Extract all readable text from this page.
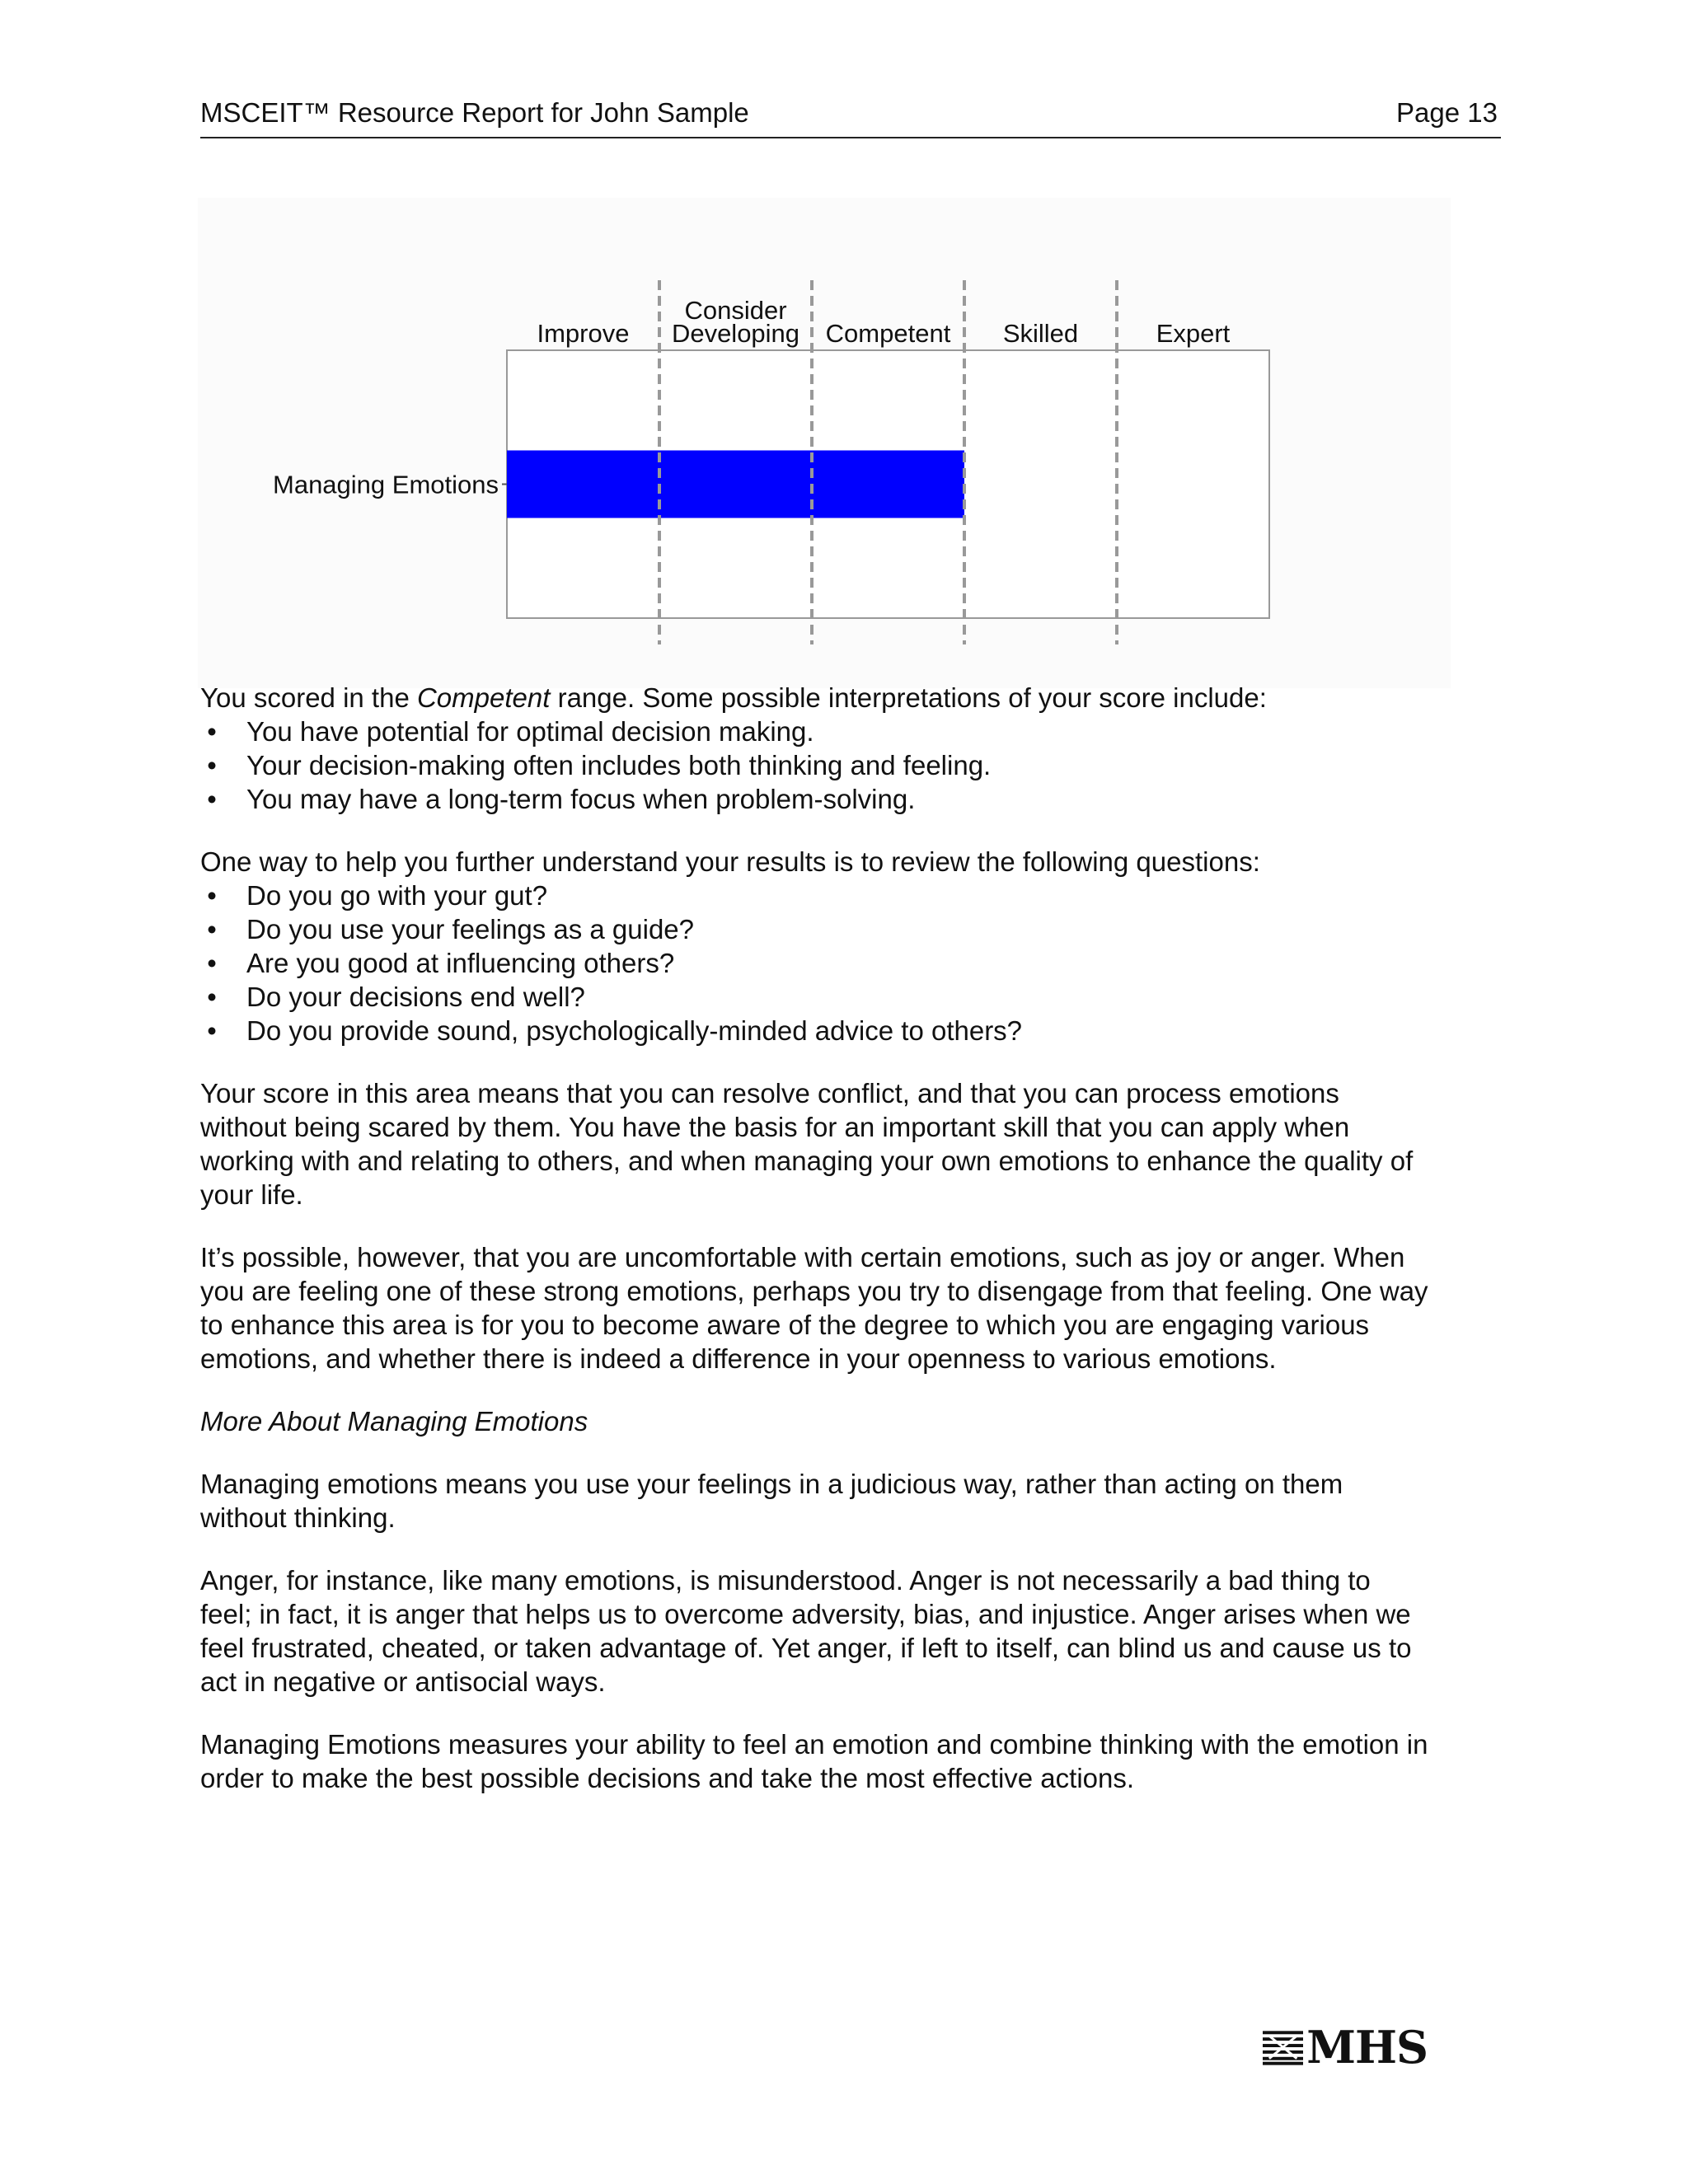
MSCEIT™ Resource Report for John Sample	Page 13
Managing Emotions
Improve
Consider
Developing Competent Skilled	Expert

You scored in the Competent range. Some possible interpretations of your score include:

• You have potential for optimal decision making.
• Your decision-making often includes both thinking and feeling.
• You may have a long-term focus when problem-solving.

One way to help you further understand your results is to review the following questions:

• Do you go with your gut?
• Do you use your feelings as a guide?
• Are you good at influencing others?
• Do your decisions end well?
• Do you provide sound, psychologically-minded advice to others?

Your score in this area means that you can resolve conflict, and that you can process emotions
without being scared by them. You have the basis for an important skill that you can apply when
working with and relating to others, and when managing your own emotions to enhance the quality of
your life.

It’s possible, however, that you are uncomfortable with certain emotions, such as joy or anger. When
you are feeling one of these strong emotions, perhaps you try to disengage from that feeling. One way
to enhance this area is for you to become aware of the degree to which you are engaging various
emotions, and whether there is indeed a difference in your openness to various emotions.

More About Managing Emotions

Managing emotions means you use your feelings in a judicious way, rather than acting on them
without thinking.

Anger, for instance, like many emotions, is misunderstood. Anger is not necessarily a bad thing to
feel; in fact, it is anger that helps us to overcome adversity, bias, and injustice. Anger arises when we
feel frustrated, cheated, or taken advantage of. Yet anger, if left to itself, can blind us and cause us to
act in negative or antisocial ways.

Managing Emotions measures your ability to feel an emotion and combine thinking with the emotion in
order to make the best possible decisions and take the most effective actions.

MHS
